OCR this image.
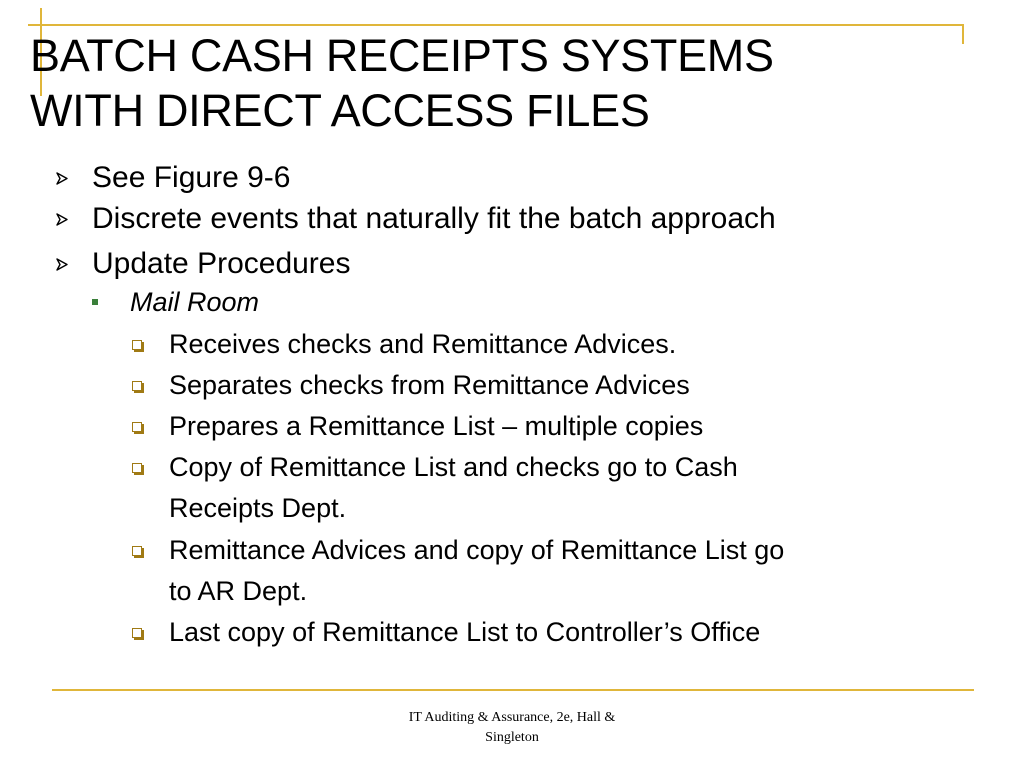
BATCH CASH RECEIPTS SYSTEMS
WITH DIRECT ACCESS FILES
See Figure 9-6
Discrete events that naturally fit the batch approach
Update Procedures
Mail Room
Receives checks and Remittance Advices.
Separates checks from Remittance Advices
Prepares a Remittance List – multiple copies
Copy of Remittance List and checks go to Cash
Receipts Dept.
Remittance Advices and copy of Remittance List go
to AR Dept.
Last copy of Remittance List to Controller’s Office
IT Auditing & Assurance, 2e, Hall &
Singleton
